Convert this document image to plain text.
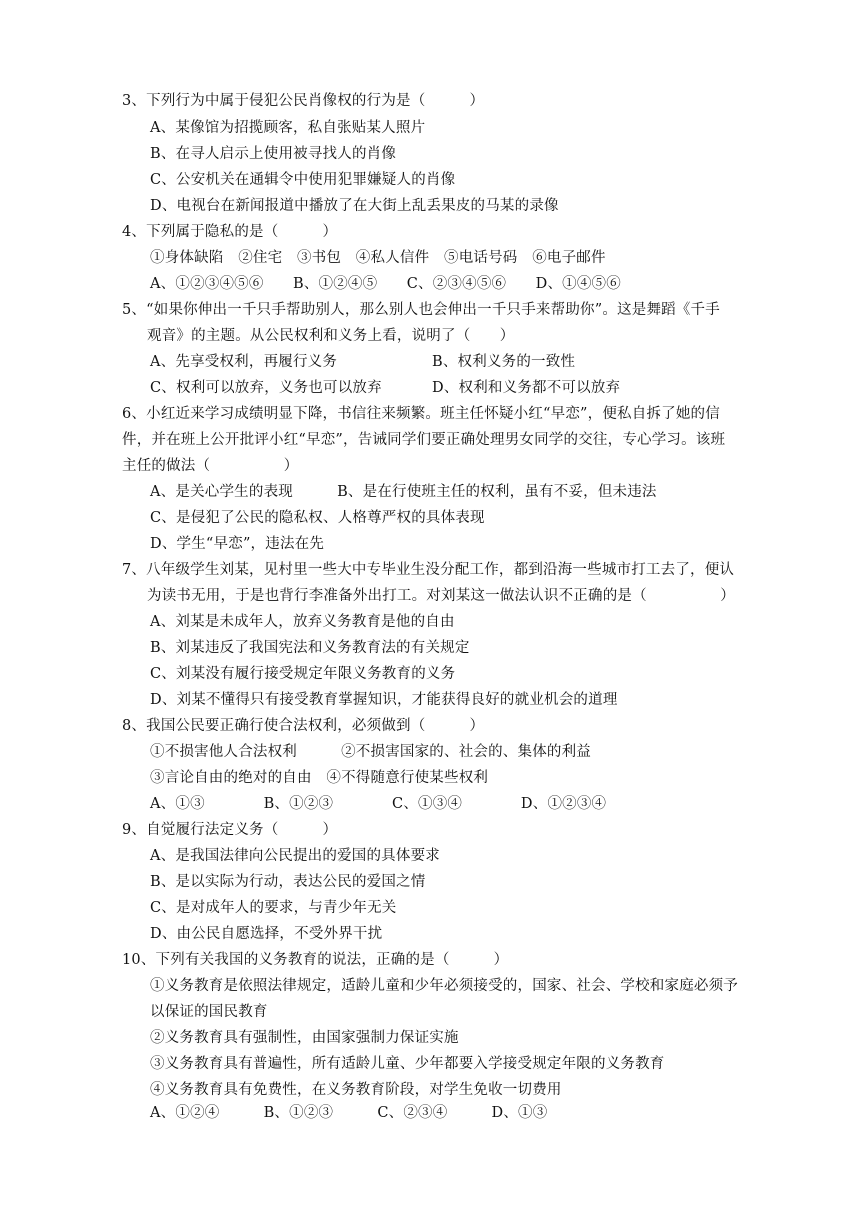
3、下列行为中属于侵犯公民肖像权的行为是（　　　）
A、某像馆为招揽顾客，私自张贴某人照片
B、在寻人启示上使用被寻找人的肖像
C、公安机关在通辑令中使用犯罪嫌疑人的肖像
D、电视台在新闻报道中播放了在大街上乱丢果皮的马某的录像
4、下列属于隐私的是（　　　）
①身体缺陷　②住宅　③书包　④私人信件　⑤电话号码　⑥电子邮件
A、①②③④⑤⑥　　B、①②④⑤　　C、②③④⑤⑥　　D、①④⑤⑥
5、“如果你伸出一千只手帮助别人，那么别人也会伸出一千只手来帮助你”。这是舞蹈《千手
观音》的主题。从公民权利和义务上看，说明了（　　）
A、先享受权利，再履行义务	B、权利义务的一致性
C、权利可以放弃，义务也可以放弃	D、权利和义务都不可以放弃
6、小红近来学习成绩明显下降，书信往来频繁。班主任怀疑小红“早恋”，便私自拆了她的信
件，并在班上公开批评小红“早恋”，告诫同学们要正确处理男女同学的交往，专心学习。该班
主任的做法（　　　　　）
A、是关心学生的表现　　　B、是在行使班主任的权利，虽有不妥，但未违法
C、是侵犯了公民的隐私权、人格尊严权的具体表现
D、学生“早恋”，违法在先
7、八年级学生刘某，见村里一些大中专毕业生没分配工作，都到沿海一些城市打工去了，便认
为读书无用，于是也背行李准备外出打工。对刘某这一做法认识不正确的是（　　　　　）
A、刘某是未成年人，放弃义务教育是他的自由
B、刘某违反了我国宪法和义务教育法的有关规定
C、刘某没有履行接受规定年限义务教育的义务
D、刘某不懂得只有接受教育掌握知识，才能获得良好的就业机会的道理
8、我国公民要正确行使合法权利，必须做到（　　　）
①不损害他人合法权利　　　②不损害国家的、社会的、集体的利益
③言论自由的绝对的自由　④不得随意行使某些权利
A、①③　　　　B、①②③　　　　C、①③④　　　　D、①②③④
9、自觉履行法定义务（　　　）
A、是我国法律向公民提出的爱国的具体要求
B、是以实际为行动，表达公民的爱国之情
C、是对成年人的要求，与青少年无关
D、由公民自愿选择，不受外界干扰
10、下列有关我国的义务教育的说法，正确的是（　　　）
①义务教育是依照法律规定，适龄儿童和少年必须接受的，国家、社会、学校和家庭必须予
以保证的国民教育
②义务教育具有强制性，由国家强制力保证实施
③义务教育具有普遍性，所有适龄儿童、少年都要入学接受规定年限的义务教育
④义务教育具有免费性，在义务教育阶段，对学生免收一切费用
A、①②④　　　B、①②③　　　C、②③④　　　D、①③
